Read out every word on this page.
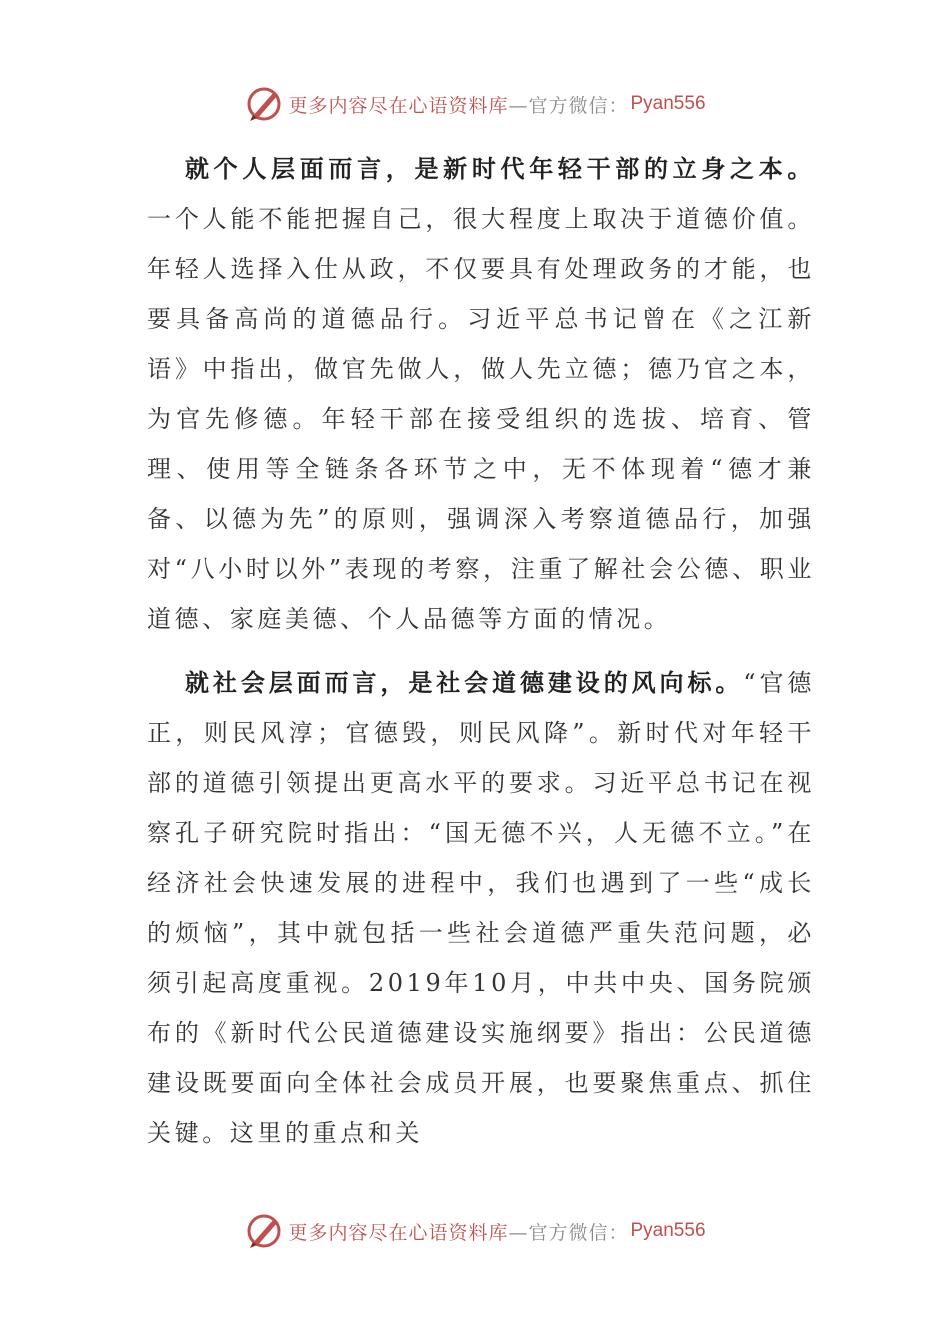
更多内容尽在心语资料库 —官方微信： Pyan556

就个人层面而言，是新时代年轻干部的立身之本。一个人能不能把握自己，很大程度上取决于道德价值。年轻人选择入仕从政，不仅要具有处理政务的才能，也要具备高尚的道德品行。习近平总书记曾在《之江新语》中指出，做官先做人，做人先立德；德乃官之本，为官先修德。年轻干部在接受组织的选拔、培育、管理、使用等全链条各环节之中，无不体现着“德才兼备、以德为先”的原则，强调深入考察道德品行，加强对“八小时以外”表现的考察，注重了解社会公德、职业道德、家庭美德、个人品德等方面的情况。

就社会层面而言，是社会道德建设的风向标。“官德正，则民风淳；官德毁，则民风降”。新时代对年轻干部的道德引领提出更高水平的要求。习近平总书记在视察孔子研究院时指出：“国无德不兴，人无德不立。”在经济社会快速发展的进程中，我们也遇到了一些“成长的烦恼”，其中就包括一些社会道德严重失范问题，必须引起高度重视。2019年10月，中共中央、国务院颁布的《新时代公民道德建设实施纲要》指出：公民道德建设既要面向全体社会成员开展，也要聚焦重点、抓住关键。这里的重点和关

更多内容尽在心语资料库 —官方微信： Pyan556
